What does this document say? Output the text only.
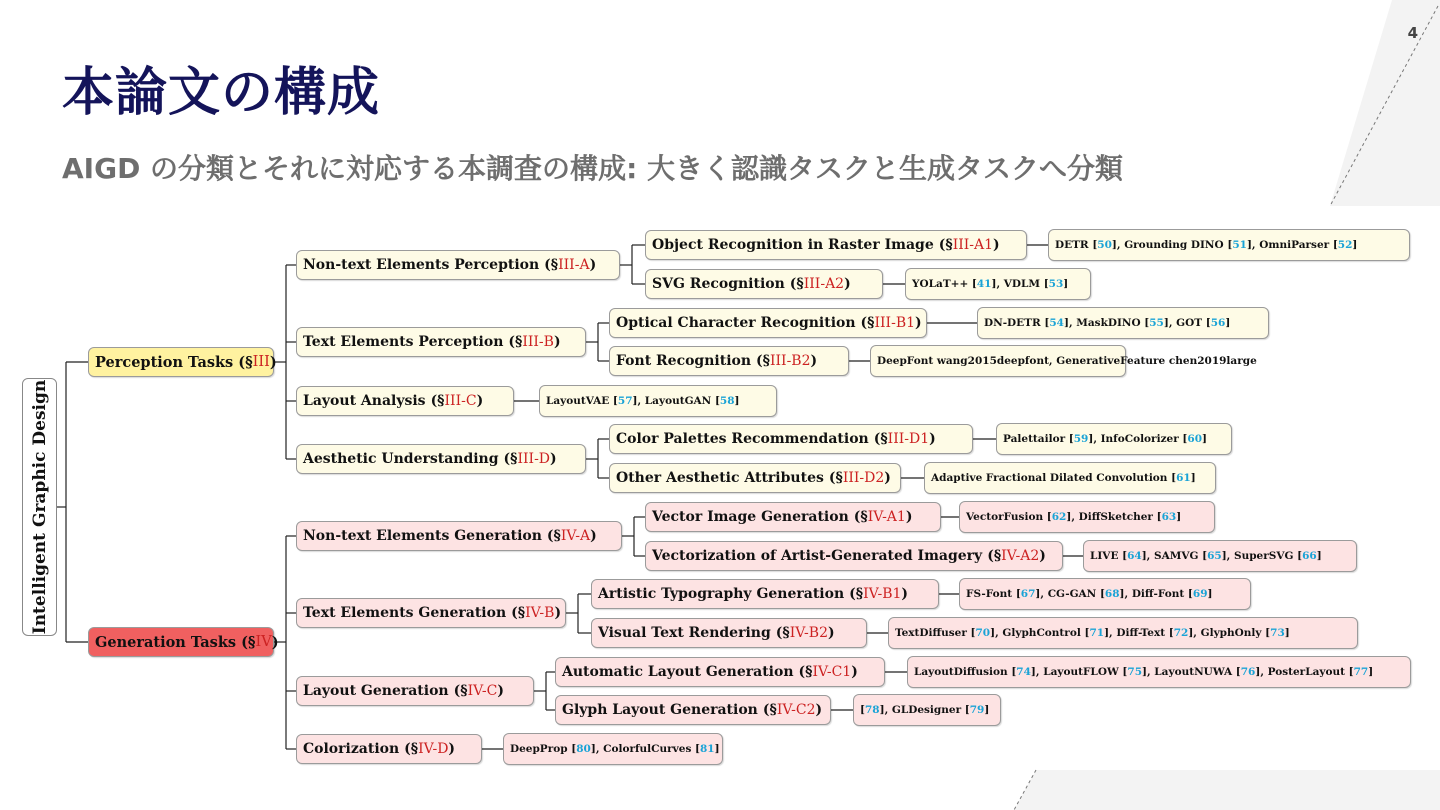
4
本論文の構成
AIGD の分類とそれに対応する本調査の構成: 大きく認識タスクと生成タスクへ分類
Intelligent Graphic Design
Perception Tasks (§ III )
Non-text Elements Perception (§ III-A )
Object Recognition in Raster Image (§ III-A1 )	DETR [ 50 ] , Grounding DINO [ 51 ] , OmniParser [ 52 ]
SVG Recognition (§ III-A2 )	YOLaT++ [ 41 ] , VDLM [ 53 ]
Text Elements Perception (§ III-B )
Optical Character Recognition (§ III-B1 )	DN-DETR [ 54 ] , MaskDINO [ 55 ] , GOT [ 56 ]
Font Recognition (§ III-B2 )	DeepFont wang2015deepfont, GenerativeFeature chen2019large
Layout Analysis (§ III-C )	LayoutVAE [ 57 ] , LayoutGAN [ 58 ]
Aesthetic Understanding (§ III-D )
Color Palettes Recommendation (§ III-D1 )	Palettailor [ 59 ] , InfoColorizer [ 60 ]
Other Aesthetic Attributes (§ III-D2 )	Adaptive Fractional Dilated Convolution [ 61 ]
Generation Tasks (§ IV )
Non-text Elements Generation (§ IV-A )
Vector Image Generation (§ IV-A1 )	VectorFusion [ 62 ] , DiffSketcher [ 63 ]
Vectorization of Artist-Generated Imagery (§ IV-A2 )	LIVE [ 64 ] , SAMVG [ 65 ] , SuperSVG [ 66 ]
Text Elements Generation (§ IV-B )
Artistic Typography Generation (§ IV-B1 )	FS-Font [ 67 ] , CG-GAN [ 68 ] , Diff-Font [ 69 ]
Visual Text Rendering (§ IV-B2 )	TextDiffuser [ 70 ] , GlyphControl [ 71 ] , Diff-Text [ 72 ] , GlyphOnly [ 73 ]
Layout Generation (§ IV-C )
Automatic Layout Generation (§ IV-C1 )	LayoutDiffusion [ 74 ] , LayoutFLOW [ 75 ] , LayoutNUWA [ 76 ] , PosterLayout [ 77 ]
Glyph Layout Generation (§ IV-C2 )	[ 78 ] , GLDesigner [ 79 ]
Colorization (§ IV-D )	DeepProp [ 80 ] , ColorfulCurves [ 81 ]
